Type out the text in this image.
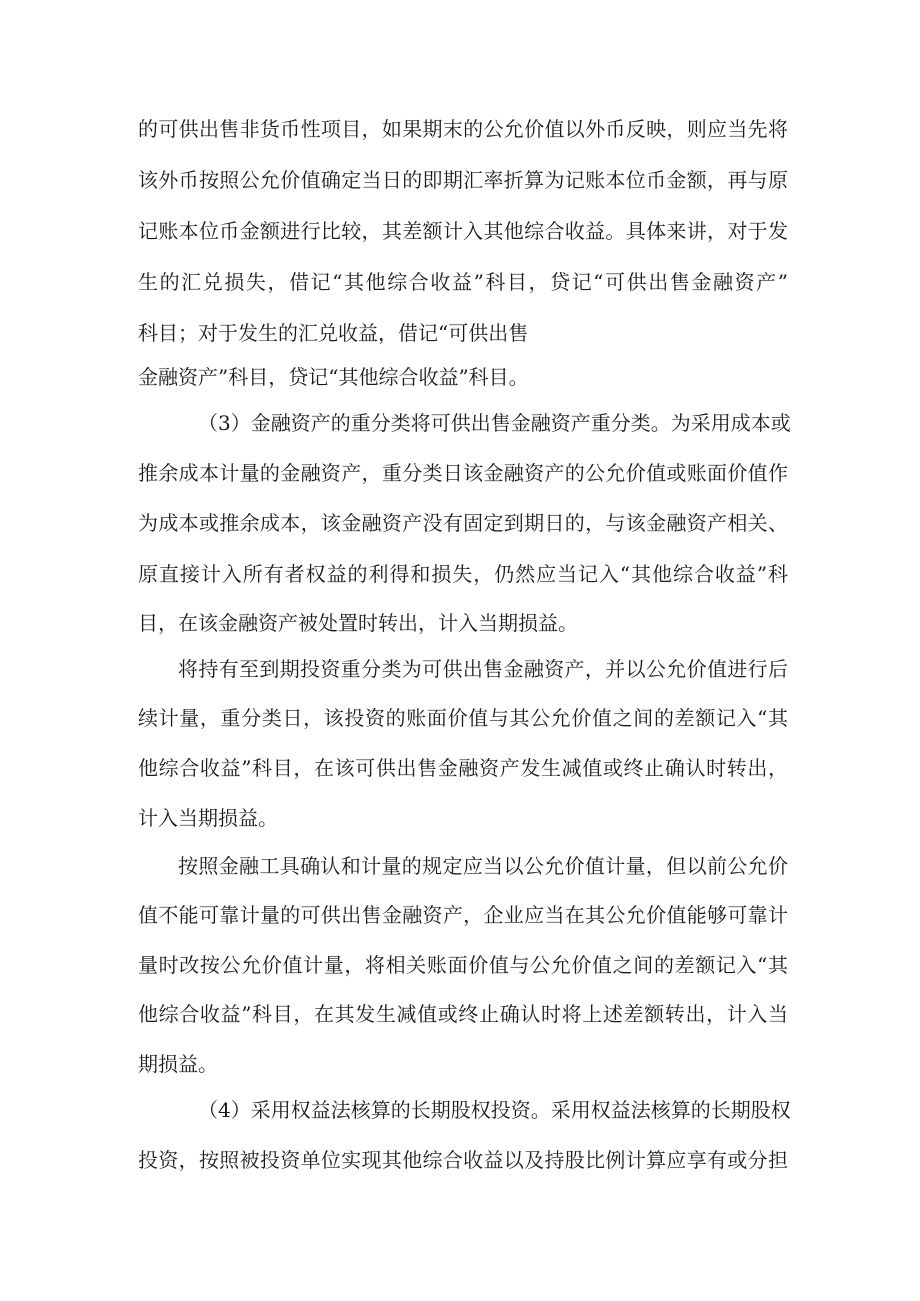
的可供出售非货币性项目，如果期末的公允价值以外币反映，则应当先将
该外币按照公允价值确定当日的即期汇率折算为记账本位币金额，再与原
记账本位币金额进行比较，其差额计入其他综合收益。具体来讲，对于发
生的汇兑损失，借记“其他综合收益”科目，贷记“可供出售金融资产”
科目；对于发生的汇兑收益，借记“可供出售
金融资产”科目，贷记“其他综合收益”科目。
（3）金融资产的重分类将可供出售金融资产重分类。为采用成本或
推余成本计量的金融资产，重分类日该金融资产的公允价值或账面价值作
为成本或推余成本，该金融资产没有固定到期日的，与该金融资产相关、
原直接计入所有者权益的利得和损失，仍然应当记入“其他综合收益”科
目，在该金融资产被处置时转出，计入当期损益。
将持有至到期投资重分类为可供出售金融资产，并以公允价值进行后
续计量，重分类日，该投资的账面价值与其公允价值之间的差额记入“其
他综合收益”科目，在该可供出售金融资产发生减值或终止确认时转出，
计入当期损益。
按照金融工具确认和计量的规定应当以公允价值计量，但以前公允价
值不能可靠计量的可供出售金融资产，企业应当在其公允价值能够可靠计
量时改按公允价值计量，将相关账面价值与公允价值之间的差额记入“其
他综合收益”科目，在其发生减值或终止确认时将上述差额转出，计入当
期损益。
（4）采用权益法核算的长期股权投资。采用权益法核算的长期股权
投资，按照被投资单位实现其他综合收益以及持股比例计算应享有或分担
